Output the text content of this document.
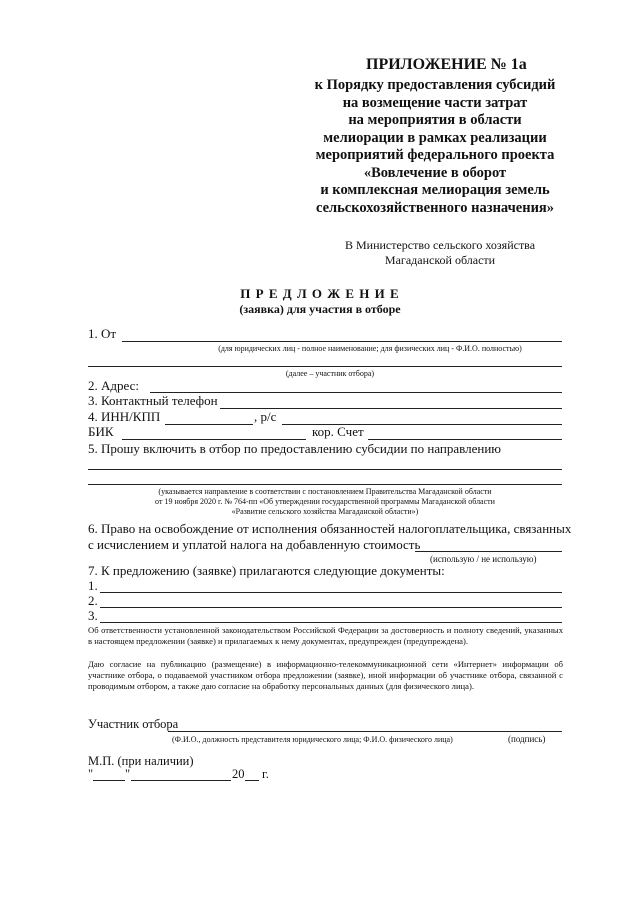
ПРИЛОЖЕНИЕ № 1а
к Порядку предоставления субсидий
на возмещение части затрат
на мероприятия в области
мелиорации в рамках реализации
мероприятий федерального проекта
«Вовлечение в оборот
и комплексная мелиорация земель
сельскохозяйственного назначения»
В Министерство сельского хозяйства
Магаданской области
П Р Е Д Л О Ж Е Н И Е
(заявка) для участия в отборе
1. От
(для юридических лиц - полное наименование; для физических лиц - Ф.И.О. полностью)
(далее – участник отбора)
2. Адрес:
3. Контактный телефон
4. ИНН/КПП	, р/с
БИК	кор. Счет
5. Прошу включить в отбор по предоставлению субсидии по направлению
(указывается направление в соответствии с постановлением Правительства Магаданской области
от 19 ноября 2020 г. № 764-пп «Об утверждении государственной программы Магаданской области
«Развитие сельского хозяйства Магаданской области»)
6. Право на освобождение от исполнения обязанностей налогоплательщика, связанных
с исчислением и уплатой налога на добавленную стоимость
(использую / не использую)
7. К предложению (заявке) прилагаются следующие документы:
1.
2.
3.
Об ответственности установленной законодательством Российской Федерации за достоверность и полноту сведений, указанных в настоящем предложении (заявке) и прилагаемых к нему документах, предупрежден (предупреждена).
Даю согласие на публикацию (размещение) в информационно-телекоммуникационной сети «Интернет» информации об участнике отбора, о подаваемой участником отбора предложении (заявке), иной информации об участнике отбора, связанной с проводимым отбором, а также даю согласие на обработку персональных данных (для физического лица).
Участник отбора
(Ф.И.О., должность представителя юридического лица; Ф.И.О. физического лица)	(подпись)
М.П. (при наличии)
"	"	20 г.
